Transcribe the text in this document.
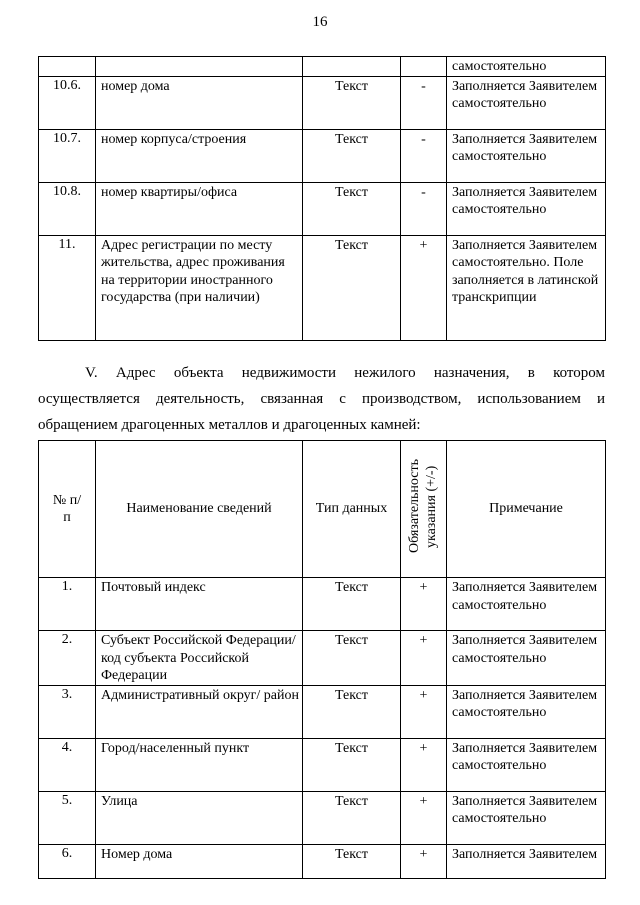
16
				самостоятельно
10.6.	номер дома	Текст	-	Заполняется Заявителем самостоятельно
10.7.	номер корпуса/строения	Текст	-	Заполняется Заявителем самостоятельно
10.8.	номер квартиры/офиса	Текст	-	Заполняется Заявителем самостоятельно
11.	Адрес регистрации по месту жительства, адрес проживания на территории иностранного государства (при наличии)	Текст	+	Заполняется Заявителем самостоятельно. Поле заполняется в латинской транскрипции

V. Адрес объекта недвижимости нежилого назначения, в котором

осуществляется деятельность, связанная с производством, использованием и

обращением драгоценных металлов и драгоценных камней:

№ п/п	Наименование сведений	Тип данных	Обязательность указания (+/-)	Примечание
1.	Почтовый индекс	Текст	+	Заполняется Заявителем самостоятельно
2.	Субъект Российской Федерации/код субъекта Российской Федерации	Текст	+	Заполняется Заявителем самостоятельно
3.	Административный округ/ район	Текст	+	Заполняется Заявителем самостоятельно
4.	Город/населенный пункт	Текст	+	Заполняется Заявителем самостоятельно
5.	Улица	Текст	+	Заполняется Заявителем самостоятельно
6.	Номер дома	Текст	+	Заполняется Заявителем
